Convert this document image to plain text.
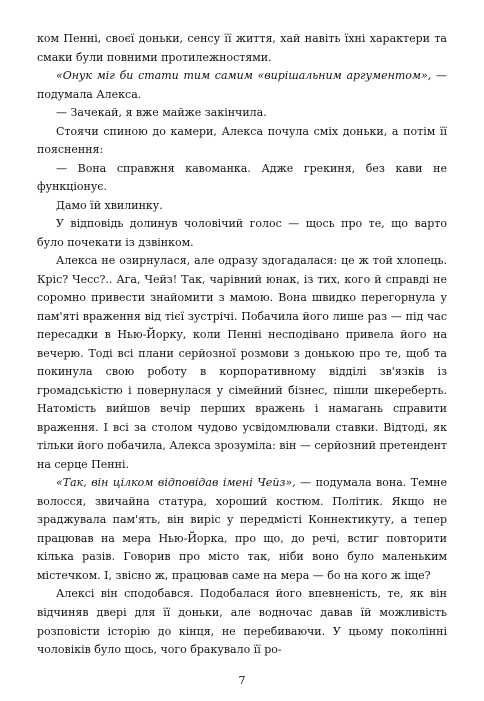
ком Пенні, своєї доньки, сенсу її життя, хай навіть їхні характери та смаки були повними протилежностями.

«Онук міг би стати тим самим «вирішальним аргументом», — подумала Алекса.

— Зачекай, я вже майже закінчила.

Стоячи спиною до камери, Алекса почула сміх доньки, а потім її пояснення:

— Вона справжня кавоманка. Адже грекиня, без кави не функціонує.

Дамо їй хвилинку.

У відповідь долинув чоловічий голос — щось про те, що варто було почекати із дзвінком.

Алекса не озирнулася, але одразу здогадалася: це ж той хлопець. Кріс? Чесс?.. Ага, Чейз! Так, чарівний юнак, із тих, кого й справді не соромно привести знайомити з мамою. Вона швидко перегорнула у пам'яті враження від тієї зустрічі. Побачила його лише раз — під час пересадки в Нью-Йорку, коли Пенні несподівано привела його на вечерю. Тоді всі плани серйозної розмови з донькою про те, щоб та покинула свою роботу в корпоративному відділі зв'язків із громадськістю і повернулася у сімейний бізнес, пішли шкереберть. Натомість вийшов вечір перших вражень і намагань справити враження. І всі за столом чудово усвідомлювали ставки. Відтоді, як тільки його побачила, Алекса зрозуміла: він — серйозний претендент на серце Пенні.

«Так, він цілком відповідав імені Чейз», — подумала вона. Темне волосся, звичайна статура, хороший костюм. Політик. Якщо не зраджувала пам'ять, він виріс у передмісті Коннектикуту, а тепер працював на мера Нью-Йорка, про що, до речі, встиг повторити кілька разів. Говорив про місто так, ніби воно було маленьким містечком. І, звісно ж, працював саме на мера — бо на кого ж іще?

Алексі він сподобався. Подобалася його впевненість, те, як він відчиняв двері для її доньки, але водночас давав їй можливість розповісти історію до кінця, не перебиваючи. У цьому поколінні чоловіків було щось, чого бракувало її ро-

7
